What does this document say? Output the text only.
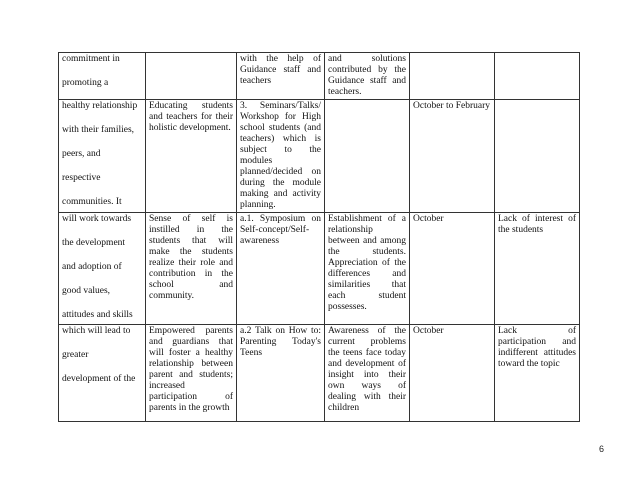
commitment in

promoting a		with the help of Guidance staff and teachers	and solutions contributed by the Guidance staff and teachers.		

healthy relationship

with their families,

peers, and

respective

communities. It	Educating students and teachers for their holistic development.	3. Seminars/Talks/ Workshop for High school students (and teachers) which is subject to the modules planned/decided on during the module making and activity planning.		October to February	

will work towards

the development

and adoption of

good values,

attitudes and skills	Sense of self is instilled in the students that will make the students realize their role and contribution in the school and community.	a.1. Symposium on Self-concept/Self-awareness	Establishment of a relationship between and among the students. Appreciation of the differences and similarities that each student possesses.	October	Lack of interest of the students

which will lead to

greater

development of the	Empowered parents and guardians that will foster a healthy relationship between parent and students; increased participation of parents in the growth	a.2 Talk on How to: Parenting Today's Teens	Awareness of the current problems the teens face today and development of insight into their own ways of dealing with their children	October	Lack of participation and indifferent attitudes toward the topic
6
